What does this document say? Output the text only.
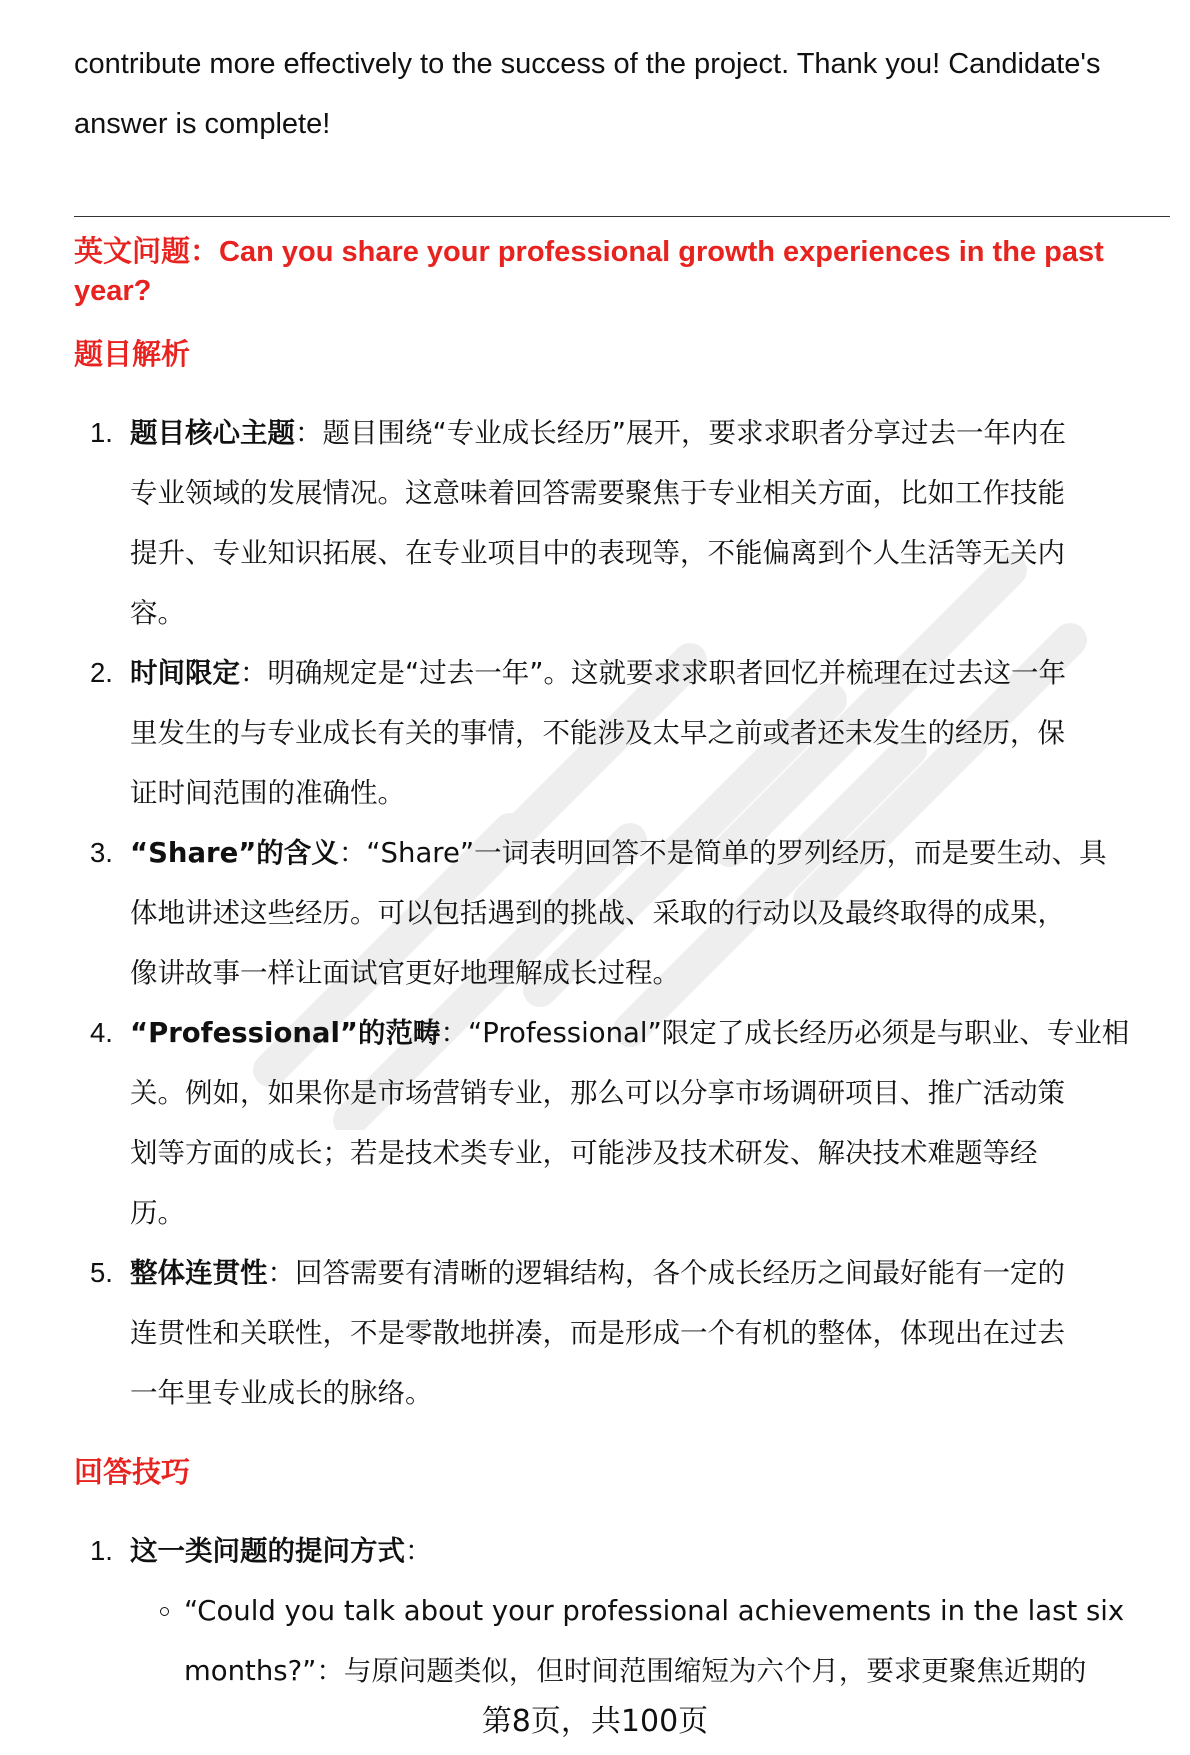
contribute more effectively to the success of the project. Thank you! Candidate's

answer is complete!

英文问题：Can you share your professional growth experiences in the past year?

题目解析

1. 题目核心主题：题目围绕“专业成长经历”展开，要求求职者分享过去一年内在
专业领域的发展情况。这意味着回答需要聚焦于专业相关方面，比如工作技能
提升、专业知识拓展、在专业项目中的表现等，不能偏离到个人生活等无关内
容。
2. 时间限定：明确规定是“过去一年”。这就要求求职者回忆并梳理在过去这一年
里发生的与专业成长有关的事情，不能涉及太早之前或者还未发生的经历，保
证时间范围的准确性。
3. “Share”的含义：“Share”一词表明回答不是简单的罗列经历，而是要生动、具
体地讲述这些经历。可以包括遇到的挑战、采取的行动以及最终取得的成果，
像讲故事一样让面试官更好地理解成长过程。
4. “Professional”的范畴：“Professional”限定了成长经历必须是与职业、专业相
关。例如，如果你是市场营销专业，那么可以分享市场调研项目、推广活动策
划等方面的成长；若是技术类专业，可能涉及技术研发、解决技术难题等经
历。
5. 整体连贯性：回答需要有清晰的逻辑结构，各个成长经历之间最好能有一定的
连贯性和关联性，不是零散地拼凑，而是形成一个有机的整体，体现出在过去
一年里专业成长的脉络。

回答技巧

1. 这一类问题的提问方式：
“Could you talk about your professional achievements in the last six
months?”：与原问题类似，但时间范围缩短为六个月，要求更聚焦近期的
第8页，共100页
